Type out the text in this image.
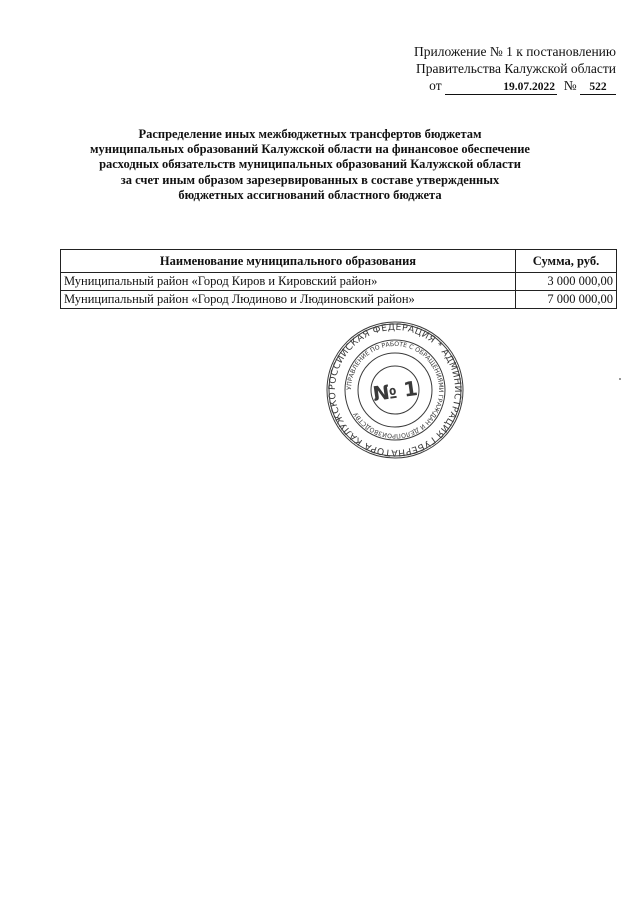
Приложение № 1 к постановлению
Правительства Калужской области
от	19.07.2022 № 522
Распределение иных межбюджетных трансфертов бюджетам
муниципальных образований Калужской области на финансовое обеспечение
расходных обязательств муниципальных образований Калужской области
за счет иным образом зарезервированных в составе утвержденных
бюджетных ассигнований областного бюджета
Наименование муниципального образования	Сумма, руб.
Муниципальный район «Город Киров и Кировский район»	3 000 000,00
Муниципальный район «Город Людиново и Людиновский район»	7 000 000,00
РОССИЙСКАЯ ФЕДЕРАЦИЯ * АДМИНИСТРАЦИЯ ГУБЕРНАТОРА КАЛУЖСКО
УПРАВЛЕНИЕ ПО РАБОТЕ С ОБРАЩЕНИЯМИ ГРАЖДАН И ДЕЛОПРОИЗВОДСТВУ
№ 1
